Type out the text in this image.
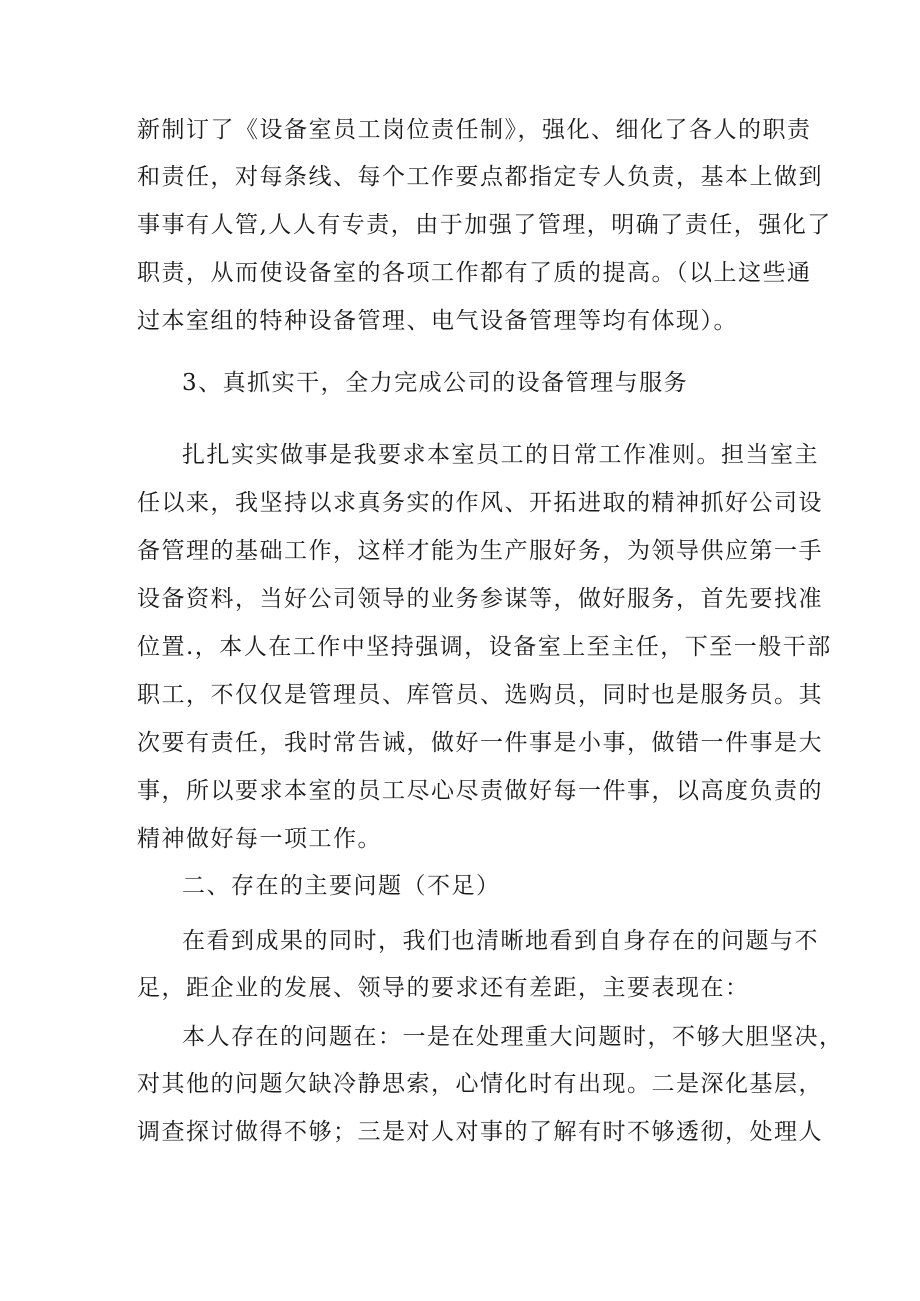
新制订了《设备室员工岗位责任制》，强化、细化了各人的职责
和责任，对每条线、每个工作要点都指定专人负责，基本上做到
事事有人管,人人有专责，由于加强了管理，明确了责任，强化了
职责，从而使设备室的各项工作都有了质的提高。（以上这些通
过本室组的特种设备管理、电气设备管理等均有体现）。
3、真抓实干，全力完成公司的设备管理与服务
扎扎实实做事是我要求本室员工的日常工作准则。担当室主
任以来，我坚持以求真务实的作风、开拓进取的精神抓好公司设
备管理的基础工作，这样才能为生产服好务，为领导供应第一手
设备资料，当好公司领导的业务参谋等，做好服务，首先要找准
位置.，本人在工作中坚持强调，设备室上至主任，下至一般干部
职工，不仅仅是管理员、库管员、选购员，同时也是服务员。其
次要有责任，我时常告诫，做好一件事是小事，做错一件事是大
事，所以要求本室的员工尽心尽责做好每一件事，以高度负责的
精神做好每一项工作。
二、存在的主要问题（不足）
在看到成果的同时，我们也清晰地看到自身存在的问题与不
足，距企业的发展、领导的要求还有差距，主要表现在：
本人存在的问题在：一是在处理重大问题时，不够大胆坚决，
对其他的问题欠缺冷静思索，心情化时有出现。二是深化基层，
调查探讨做得不够；三是对人对事的了解有时不够透彻，处理人
